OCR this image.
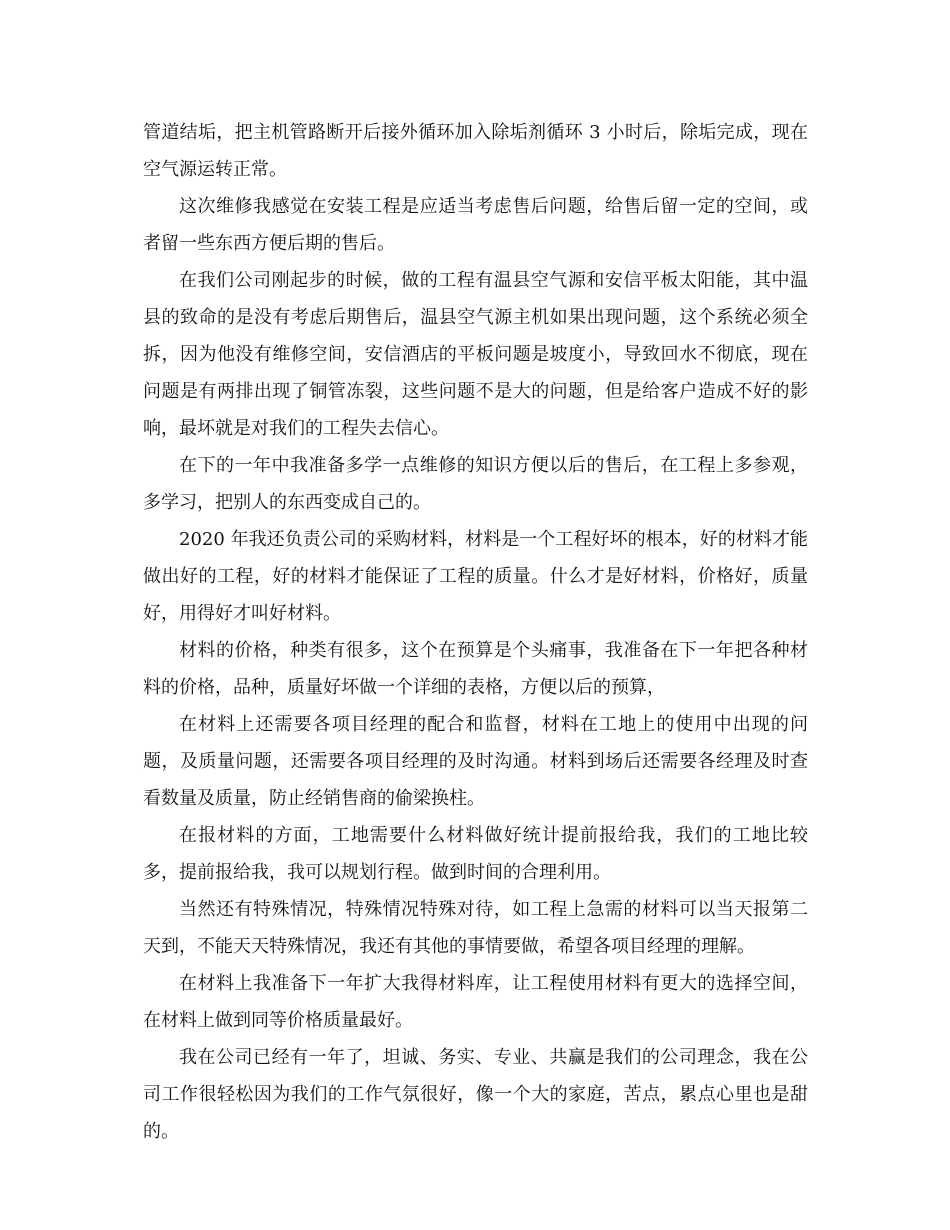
管道结垢，把主机管路断开后接外循环加入除垢剂循环 3 小时后，除垢完成，现在空气源运转正常。

这次维修我感觉在安装工程是应适当考虑售后问题，给售后留一定的空间，或者留一些东西方便后期的售后。

在我们公司刚起步的时候，做的工程有温县空气源和安信平板太阳能，其中温县的致命的是没有考虑后期售后，温县空气源主机如果出现问题，这个系统必须全拆，因为他没有维修空间，安信酒店的平板问题是坡度小，导致回水不彻底，现在问题是有两排出现了铜管冻裂，这些问题不是大的问题，但是给客户造成不好的影响，最坏就是对我们的工程失去信心。

在下的一年中我准备多学一点维修的知识方便以后的售后，在工程上多参观，多学习，把别人的东西变成自己的。

2020 年我还负责公司的采购材料，材料是一个工程好坏的根本，好的材料才能做出好的工程，好的材料才能保证了工程的质量。什么才是好材料，价格好，质量好，用得好才叫好材料。

材料的价格，种类有很多，这个在预算是个头痛事，我准备在下一年把各种材料的价格，品种，质量好坏做一个详细的表格，方便以后的预算，

在材料上还需要各项目经理的配合和监督，材料在工地上的使用中出现的问题，及质量问题，还需要各项目经理的及时沟通。材料到场后还需要各经理及时查看数量及质量，防止经销售商的偷梁换柱。

在报材料的方面，工地需要什么材料做好统计提前报给我，我们的工地比较多，提前报给我，我可以规划行程。做到时间的合理利用。

当然还有特殊情况，特殊情况特殊对待，如工程上急需的材料可以当天报第二天到，不能天天特殊情况，我还有其他的事情要做，希望各项目经理的理解。

在材料上我准备下一年扩大我得材料库，让工程使用材料有更大的选择空间，在材料上做到同等价格质量最好。

我在公司已经有一年了，坦诚、务实、专业、共赢是我们的公司理念，我在公司工作很轻松因为我们的工作气氛很好，像一个大的家庭，苦点，累点心里也是甜的。
